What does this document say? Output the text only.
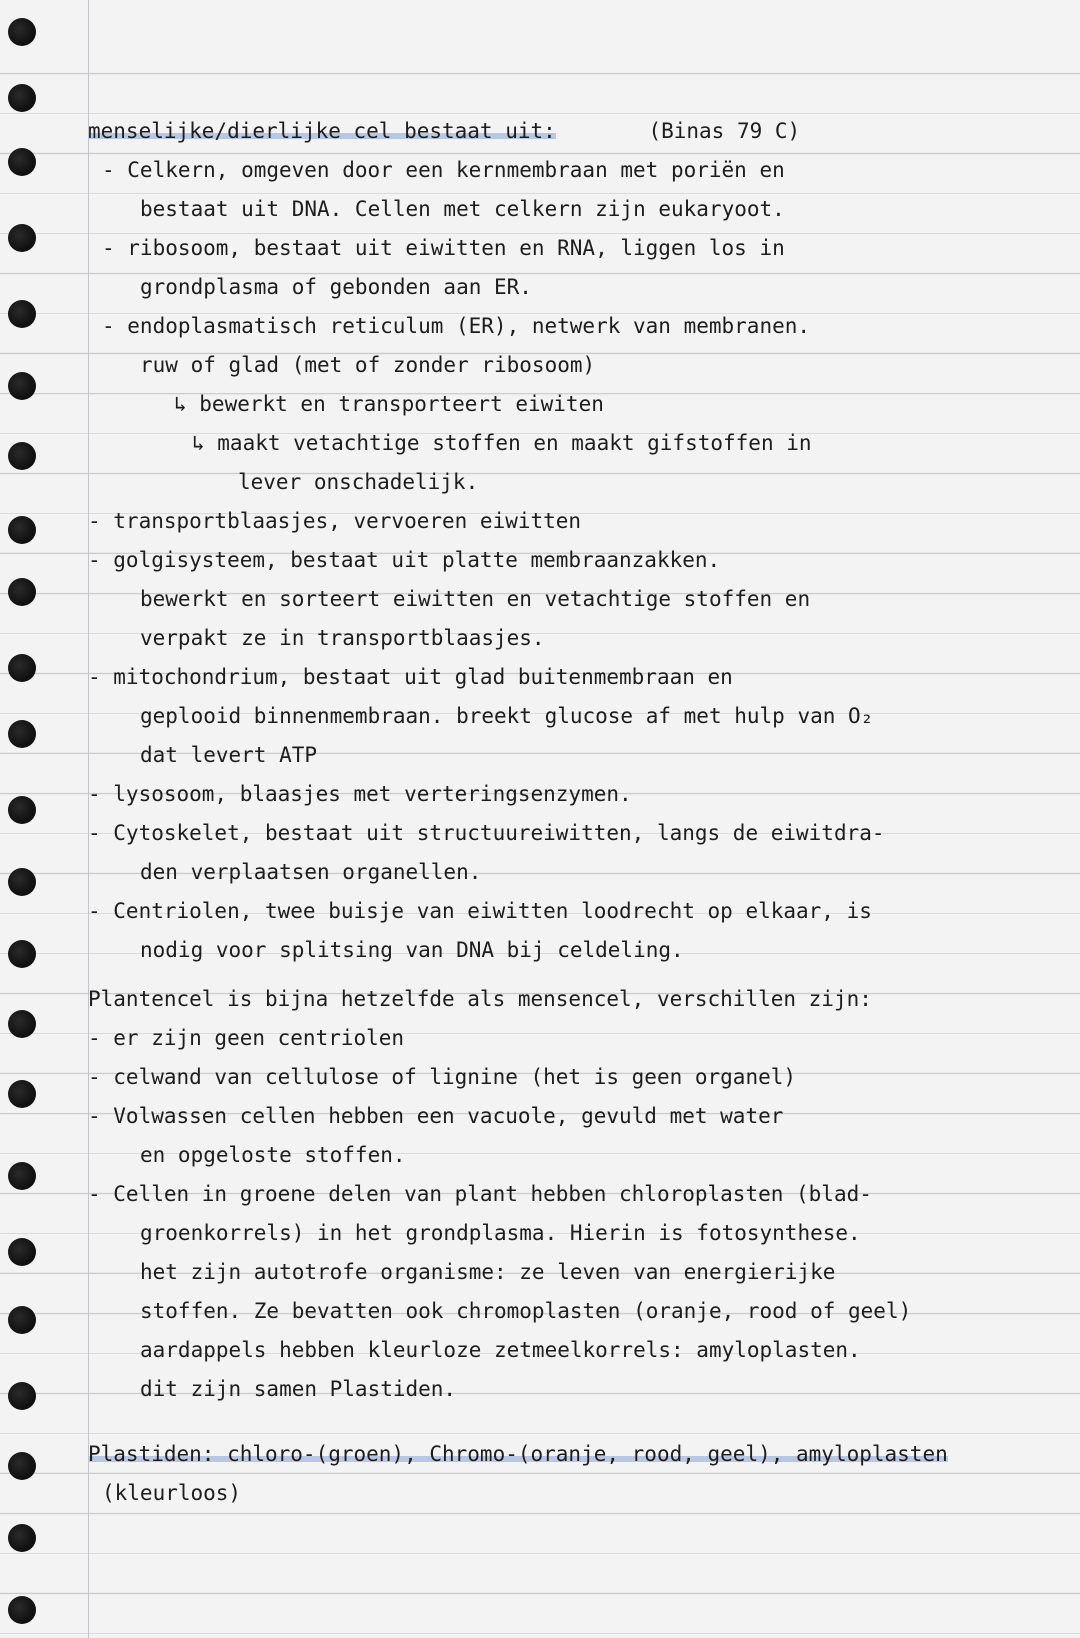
menselijke/dierlijke cel bestaat uit:	(Binas 79 C)
- Celkern, omgeven door een kernmembraan met poriën en
bestaat uit DNA. Cellen met celkern zijn eukaryoot.
- ribosoom, bestaat uit eiwitten en RNA, liggen los in
grondplasma of gebonden aan ER.
- endoplasmatisch reticulum (ER), netwerk van membranen.
ruw of glad (met of zonder ribosoom)
↳ bewerkt en transporteert eiwiten
↳ maakt vetachtige stoffen en maakt gifstoffen in
lever onschadelijk.
- transportblaasjes, vervoeren eiwitten
- golgisysteem, bestaat uit platte membraanzakken.
bewerkt en sorteert eiwitten en vetachtige stoffen en
verpakt ze in transportblaasjes.
- mitochondrium, bestaat uit glad buitenmembraan en
geplooid binnenmembraan. breekt glucose af met hulp van O₂
dat levert ATP
- lysosoom, blaasjes met verteringsenzymen.
- Cytoskelet, bestaat uit structuureiwitten, langs de eiwitdra-
den verplaatsen organellen.
- Centriolen, twee buisje van eiwitten loodrecht op elkaar, is
nodig voor splitsing van DNA bij celdeling.
Plantencel is bijna hetzelfde als mensencel, verschillen zijn:
- er zijn geen centriolen
- celwand van cellulose of lignine (het is geen organel)
- Volwassen cellen hebben een vacuole, gevuld met water
en opgeloste stoffen.
- Cellen in groene delen van plant hebben chloroplasten (blad-
groenkorrels) in het grondplasma. Hierin is fotosynthese.
het zijn autotrofe organisme: ze leven van energierijke
stoffen. Ze bevatten ook chromoplasten (oranje, rood of geel)
aardappels hebben kleurloze zetmeelkorrels: amyloplasten.
dit zijn samen Plastiden.
Plastiden: chloro-(groen), Chromo-(oranje, rood, geel), amyloplasten
(kleurloos)
